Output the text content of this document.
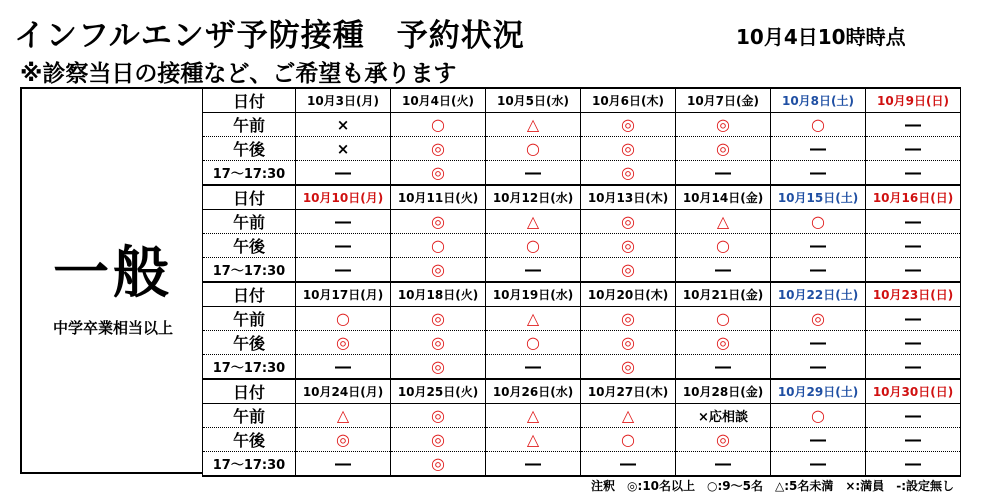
インフルエンザ予防接種　予約状況	10月4日10時時点
※診察当日の接種など、ご希望も承ります
一般
中学卒業相当以上
日付	10月3日(月)	10月4日(火)	10月5日(水)	10月6日(木)	10月7日(金)	10月8日(土)	10月9日(日)
午前	×	○	△	◎	◎	○	―
午後	×	◎	○	◎	◎	―	―
17～17:30	―	◎	―	◎	―	―	―
日付	10月10日(月)	10月11日(火)	10月12日(水)	10月13日(木)	10月14日(金)	10月15日(土)	10月16日(日)
午前	―	◎	△	◎	△	○	―
午後	―	○	○	◎	○	―	―
17～17:30	―	◎	―	◎	―	―	―
日付	10月17日(月)	10月18日(火)	10月19日(水)	10月20日(木)	10月21日(金)	10月22日(土)	10月23日(日)
午前	○	◎	△	◎	○	◎	―
午後	◎	◎	○	◎	◎	―	―
17～17:30	―	◎	―	◎	―	―	―
日付	10月24日(月)	10月25日(火)	10月26日(水)	10月27日(木)	10月28日(金)	10月29日(土)	10月30日(日)
午前	△	◎	△	△	×応相談	○	―
午後	◎	◎	△	○	◎	―	―
17～17:30	―	◎	―	―	―	―	―
注釈　◎:10名以上　○:9～5名　△:5名未満　×:満員　-:設定無し
